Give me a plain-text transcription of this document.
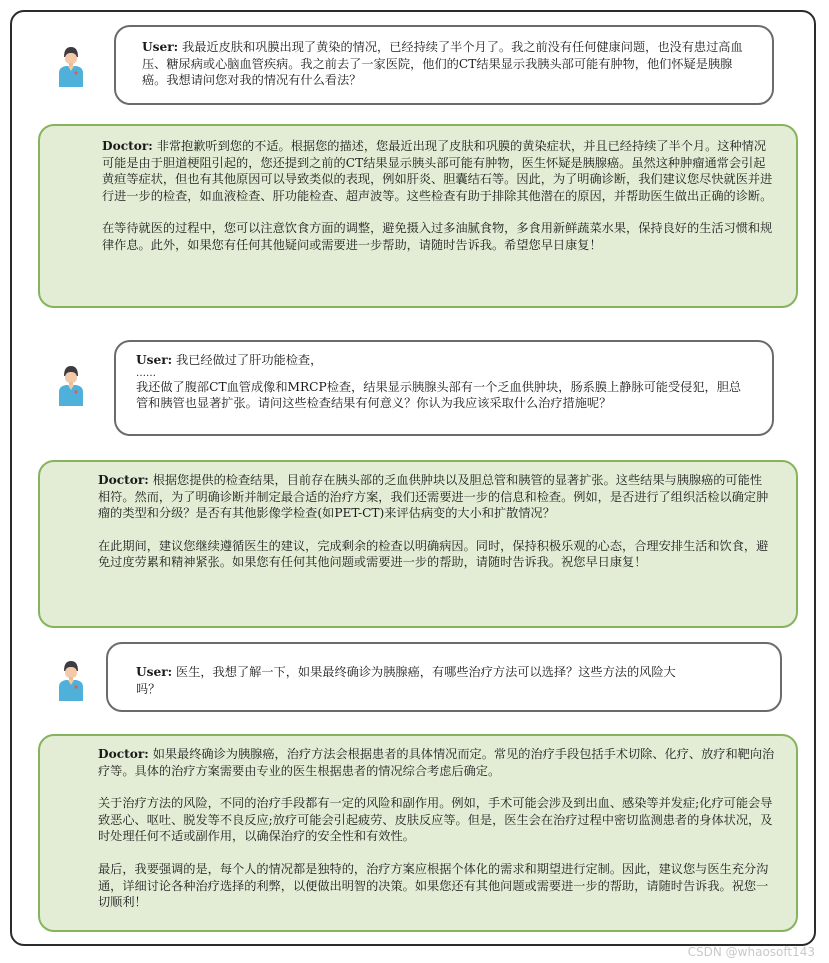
User: 我最近皮肤和巩膜出现了黄染的情况，已经持续了半个月了。我之前没有任何健康问题，也没有患过高血压、糖尿病或心脑血管疾病。我之前去了一家医院，他们的CT结果显示我胰头部可能有肿物，他们怀疑是胰腺癌。我想请问您对我的情况有什么看法？

Doctor: 非常抱歉听到您的不适。根据您的描述，您最近出现了皮肤和巩膜的黄染症状，并且已经持续了半个月。这种情况可能是由于胆道梗阻引起的，您还提到之前的CT结果显示胰头部可能有肿物，医生怀疑是胰腺癌。虽然这种肿瘤通常会引起黄疸等症状，但也有其他原因可以导致类似的表现，例如肝炎、胆囊结石等。因此，为了明确诊断，我们建议您尽快就医并进行进一步的检查，如血液检查、肝功能检查、超声波等。这些检查有助于排除其他潜在的原因，并帮助医生做出正确的诊断。

在等待就医的过程中，您可以注意饮食方面的调整，避免摄入过多油腻食物，多食用新鲜蔬菜水果，保持良好的生活习惯和规律作息。此外，如果您有任何其他疑问或需要进一步帮助，请随时告诉我。希望您早日康复！

User: 我已经做过了肝功能检查，

……

我还做了腹部CT血管成像和MRCP检查，结果显示胰腺头部有一个乏血供肿块，肠系膜上静脉可能受侵犯，胆总管和胰管也显著扩张。请问这些检查结果有何意义？你认为我应该采取什么治疗措施呢？

Doctor: 根据您提供的检查结果，目前存在胰头部的乏血供肿块以及胆总管和胰管的显著扩张。这些结果与胰腺癌的可能性相符。然而，为了明确诊断并制定最合适的治疗方案，我们还需要进一步的信息和检查。例如，是否进行了组织活检以确定肿瘤的类型和分级？是否有其他影像学检查(如PET-CT)来评估病变的大小和扩散情况？

在此期间，建议您继续遵循医生的建议，完成剩余的检查以明确病因。同时，保持积极乐观的心态，合理安排生活和饮食，避免过度劳累和精神紧张。如果您有任何其他问题或需要进一步的帮助，请随时告诉我。祝您早日康复！

User: 医生，我想了解一下，如果最终确诊为胰腺癌，有哪些治疗方法可以选择？这些方法的风险大吗？

Doctor: 如果最终确诊为胰腺癌，治疗方法会根据患者的具体情况而定。常见的治疗手段包括手术切除、化疗、放疗和靶向治疗等。具体的治疗方案需要由专业的医生根据患者的情况综合考虑后确定。

关于治疗方法的风险，不同的治疗手段都有一定的风险和副作用。例如，手术可能会涉及到出血、感染等并发症;化疗可能会导致恶心、呕吐、脱发等不良反应;放疗可能会引起疲劳、皮肤反应等。但是，医生会在治疗过程中密切监测患者的身体状况，及时处理任何不适或副作用，以确保治疗的安全性和有效性。

最后，我要强调的是，每个人的情况都是独特的，治疗方案应根据个体化的需求和期望进行定制。因此，建议您与医生充分沟通，详细讨论各种治疗选择的利弊，以便做出明智的决策。如果您还有其他问题或需要进一步的帮助，请随时告诉我。祝您一切顺利！

CSDN @whaosoft143
